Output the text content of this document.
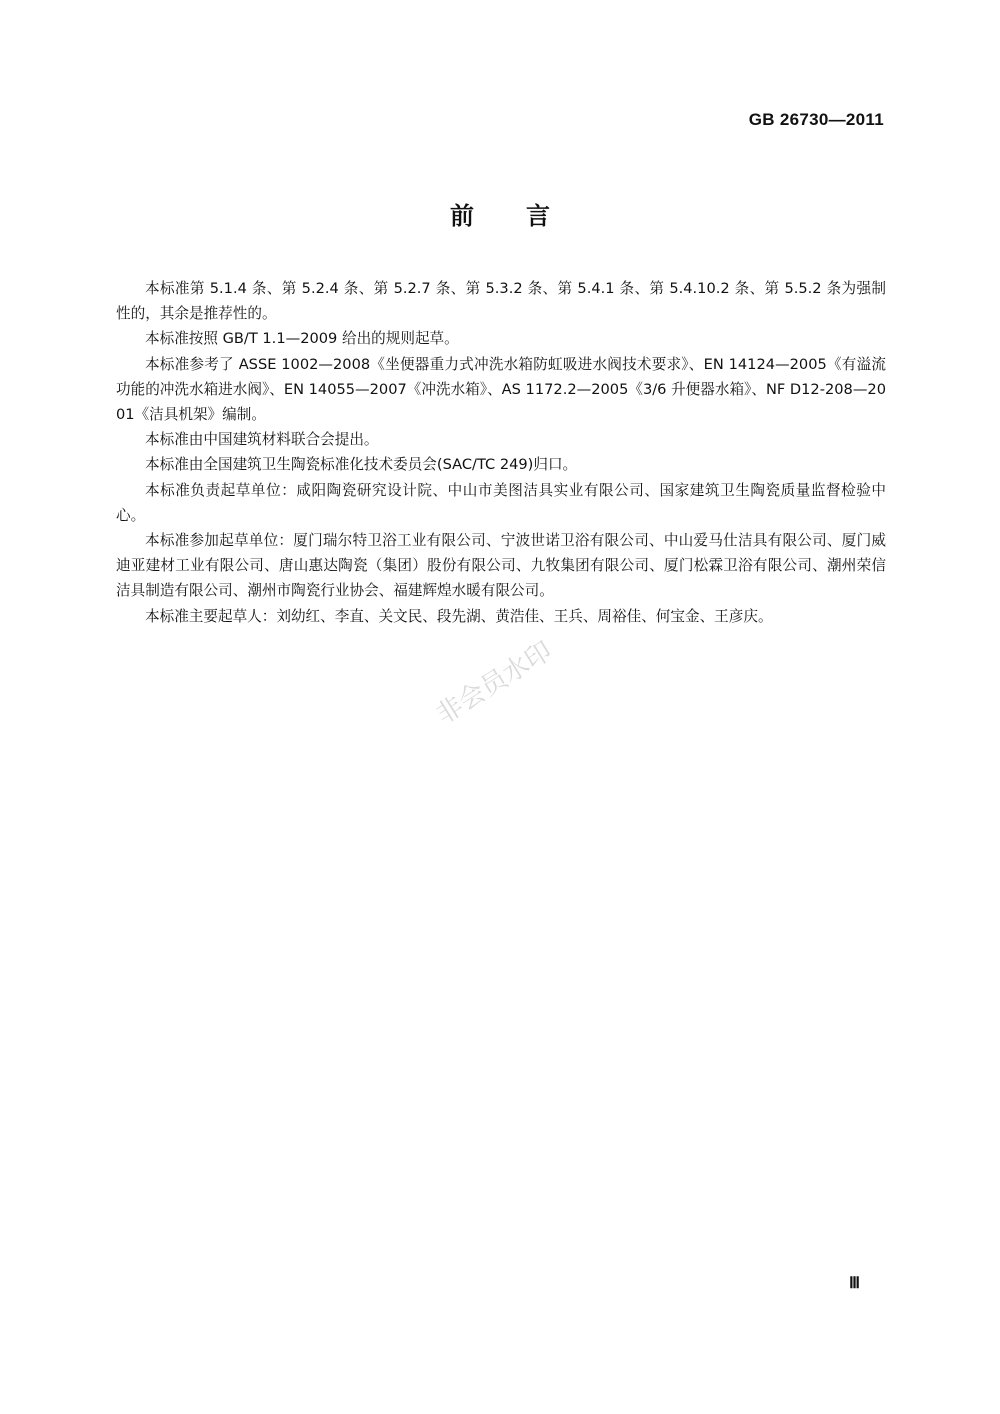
GB 26730—2011
前 言

本标准第 5.1.4 条、第 5.2.4 条、第 5.2.7 条、第 5.3.2 条、第 5.4.1 条、第 5.4.10.2 条、第 5.5.2 条为强制性的，其余是推荐性的。

本标准按照 GB/T 1.1—2009 给出的规则起草。

本标准参考了 ASSE 1002—2008《坐便器重力式冲洗水箱防虹吸进水阀技术要求》、EN 14124—2005《有溢流功能的冲洗水箱进水阀》、EN 14055—2007《冲洗水箱》、AS 1172.2—2005《3/6 升便器水箱》、NF D12-208—2001《洁具机架》编制。

本标准由中国建筑材料联合会提出。

本标准由全国建筑卫生陶瓷标准化技术委员会(SAC/TC 249)归口。

本标准负责起草单位：咸阳陶瓷研究设计院、中山市美图洁具实业有限公司、国家建筑卫生陶瓷质量监督检验中心。

本标准参加起草单位：厦门瑞尔特卫浴工业有限公司、宁波世诺卫浴有限公司、中山爱马仕洁具有限公司、厦门威迪亚建材工业有限公司、唐山惠达陶瓷（集团）股份有限公司、九牧集团有限公司、厦门松霖卫浴有限公司、潮州荣信洁具制造有限公司、潮州市陶瓷行业协会、福建辉煌水暖有限公司。

本标准主要起草人：刘幼红、李直、关文民、段先湖、黄浩佳、王兵、周裕佳、何宝金、王彦庆。

非会员水印
Ⅲ
